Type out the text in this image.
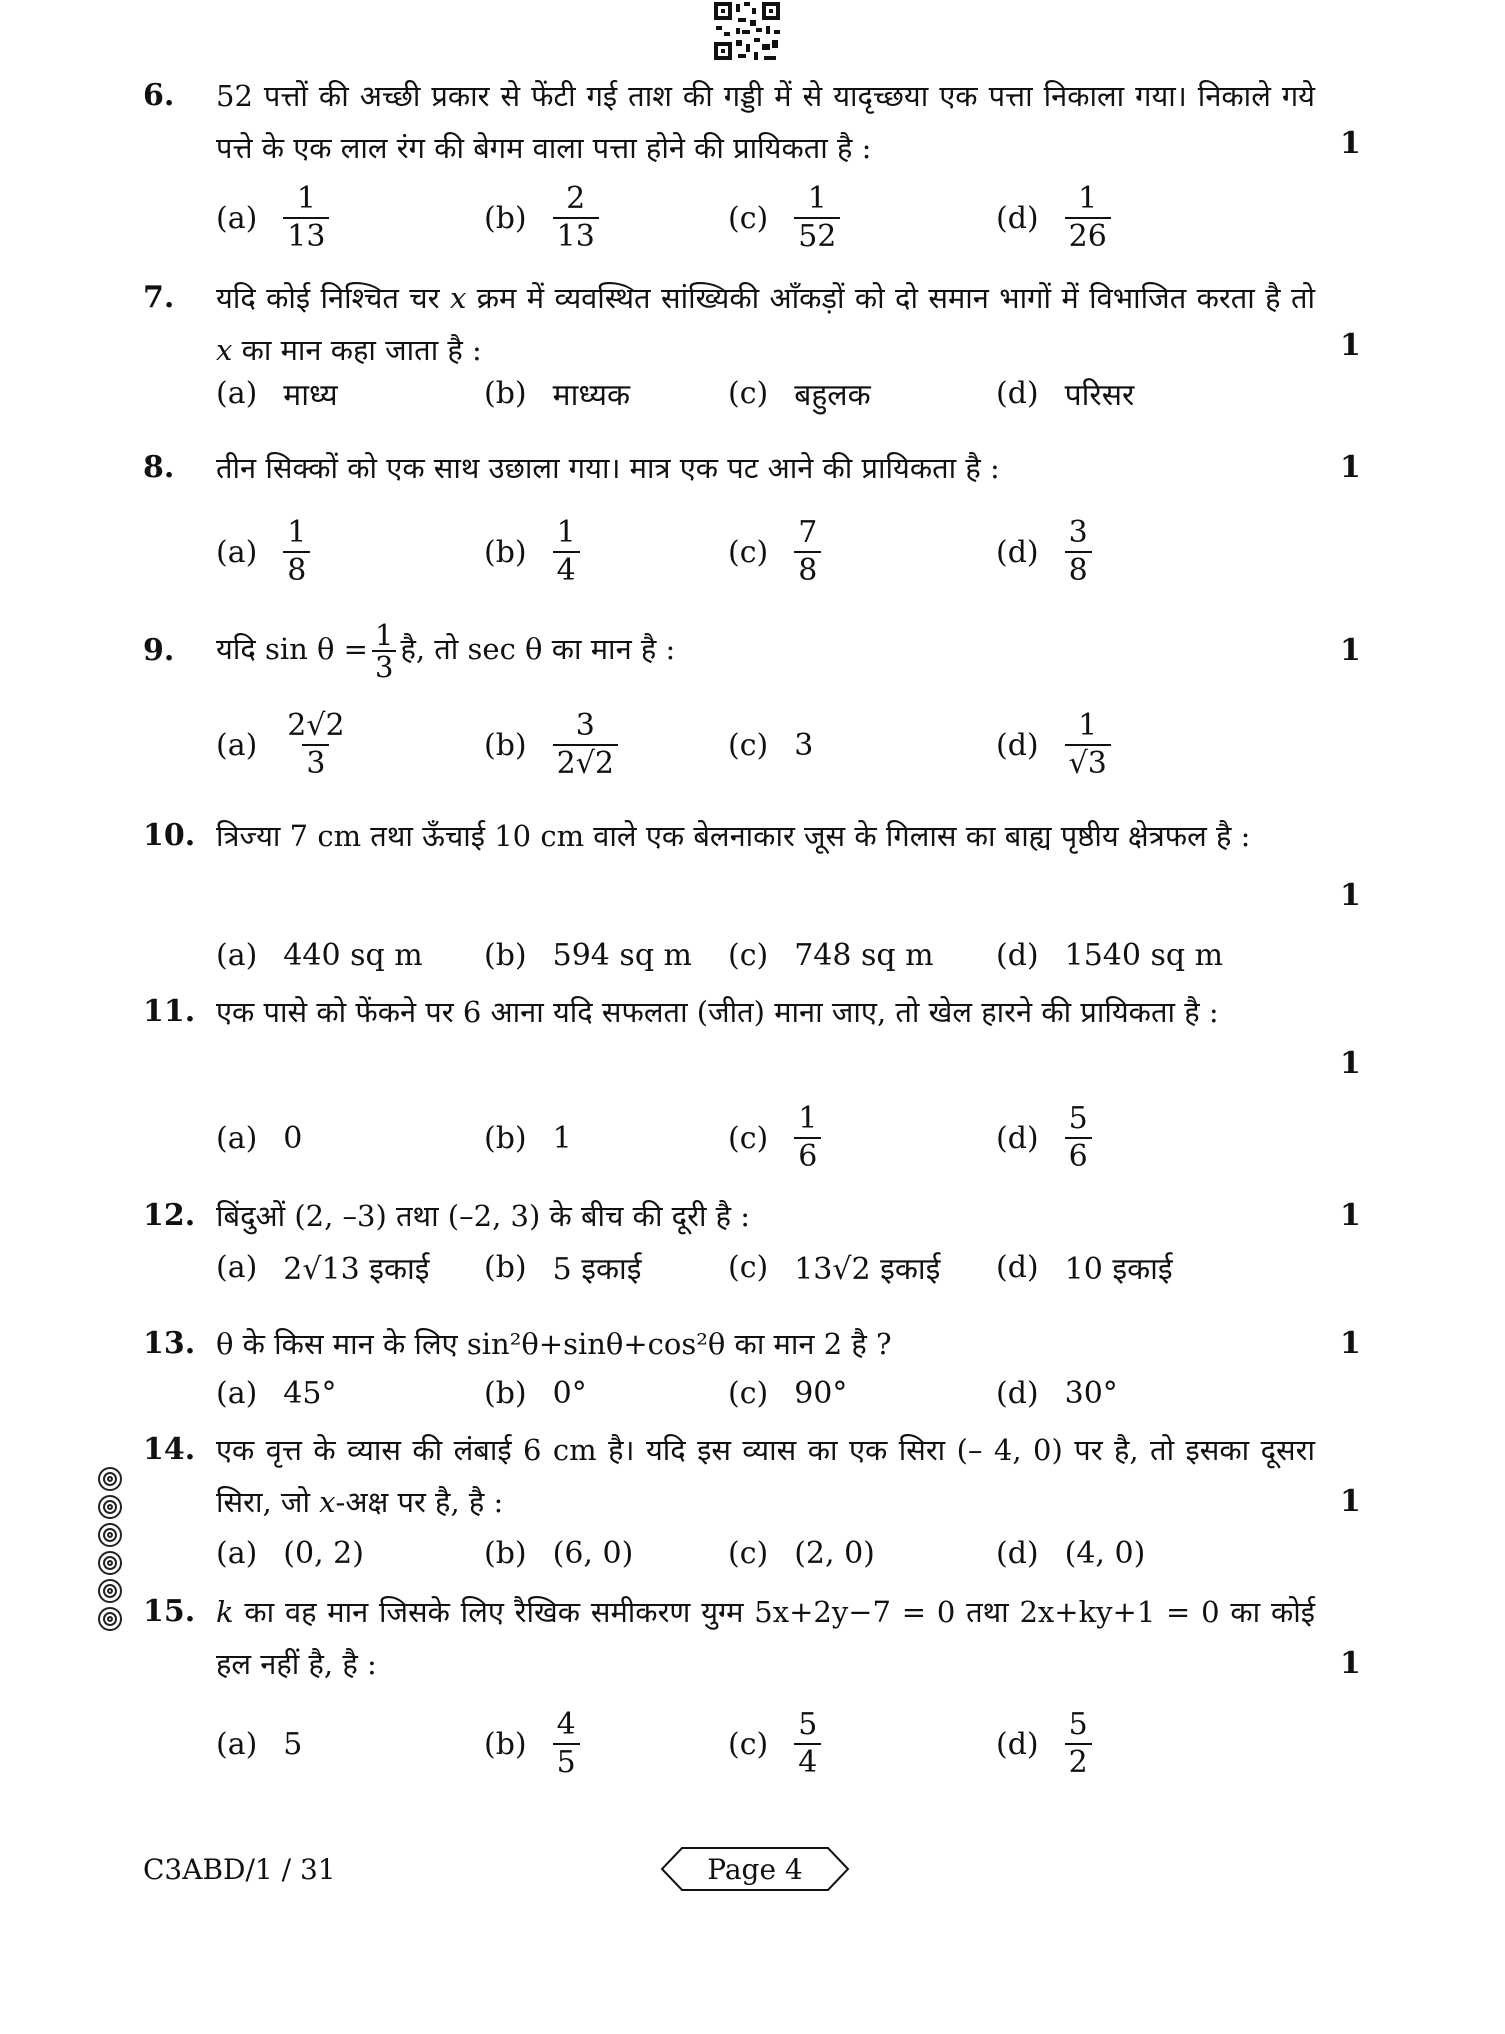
6. 52 पत्तों की अच्छी प्रकार से फेंटी गई ताश की गड्डी में से यादृच्छया एक पत्ता निकाला गया। निकाले गये पत्ते के एक लाल रंग की बेगम वाला पत्ता होने की प्रायिकता है :	1
$(a) \frac{1}{13}$	$(b) \frac{2}{13}$	$(c) \frac{1}{52}$	$(d) \frac{1}{26}$
7. यदि कोई निश्चित चर x क्रम में व्यवस्थित सांख्यिकी आँकड़ों को दो समान भागों में विभाजित करता है तो x का मान कहा जाता है :	1
(a) माध्य	(b) माध्यक	(c) बहुलक	(d) परिसर
8. तीन सिक्कों को एक साथ उछाला गया। मात्र एक पट आने की प्रायिकता है :	1
$(a) \frac{1}{8}$	$(b) \frac{1}{4}$	$(c) \frac{7}{8}$	$(d) \frac{3}{8}$
9. यदि $\sin \theta = \frac{1}{3}$ है, तो sec θ का मान है :	1
$(a) \frac{2√2}{3}$	$(b) \frac{3}{2√2}$	(c) 3	$(d) \frac{1}{√3}$
10. त्रिज्या 7 cm तथा ऊँचाई 10 cm वाले एक बेलनाकार जूस के गिलास का बाह्य पृष्ठीय क्षेत्रफल है :
1
(a) 440 sq m (b) 594 sq m (c) 748 sq m (d) 1540 sq m
11. एक पासे को फेंकने पर 6 आना यदि सफलता (जीत) माना जाए, तो खेल हारने की प्रायिकता है :
1
(a) 0	(b) 1	$(c) \frac{1}{6}$	$(d) \frac{5}{6}$
12. बिंदुओं (2, –3) तथा (–2, 3) के बीच की दूरी है :	1
(a) 2√13 इकाई (b) 5 इकाई	(c) 13√2 इकाई (d) 10 इकाई
13. θ के किस मान के लिए sin²θ+sinθ+cos²θ का मान 2 है ?	1
(a) 45°	(b) 0°	(c) 90°	(d) 30°
14. एक वृत्त के व्यास की लंबाई 6 cm है। यदि इस व्यास का एक सिरा (– 4, 0) पर है, तो इसका दूसरा सिरा, जो x-अक्ष पर है, है :	1
(a) (0, 2)	(b) (6, 0)	(c) (2, 0)	(d) (4, 0)
15. k का वह मान जिसके लिए रैखिक समीकरण युग्म 5x+2y−7 = 0 तथा 2x+ky+1 = 0 का कोई हल नहीं है, है :	1
(a) 5	$(b) \frac{4}{5}$	$(c) \frac{5}{4}$	$(d) \frac{5}{2}$
C3ABD/1 / 31	Page 4
